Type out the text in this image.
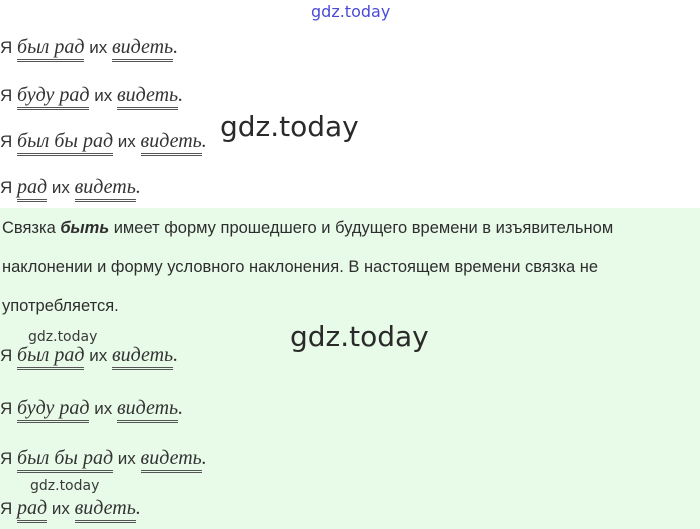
gdz.today
Я был рад их видеть.
Я буду рад их видеть.
Я был бы рад их видеть.
Я рад их видеть.
gdz.today
Связка быть имеет форму прошедшего и будущего времени в изъявительном наклонении и форму условного наклонения. В настоящем времени связка не употребляется.
gdz.today
gdz.today
gdz.today
Я был рад их видеть.
Я буду рад их видеть.
Я был бы рад их видеть.
Я рад их видеть.
